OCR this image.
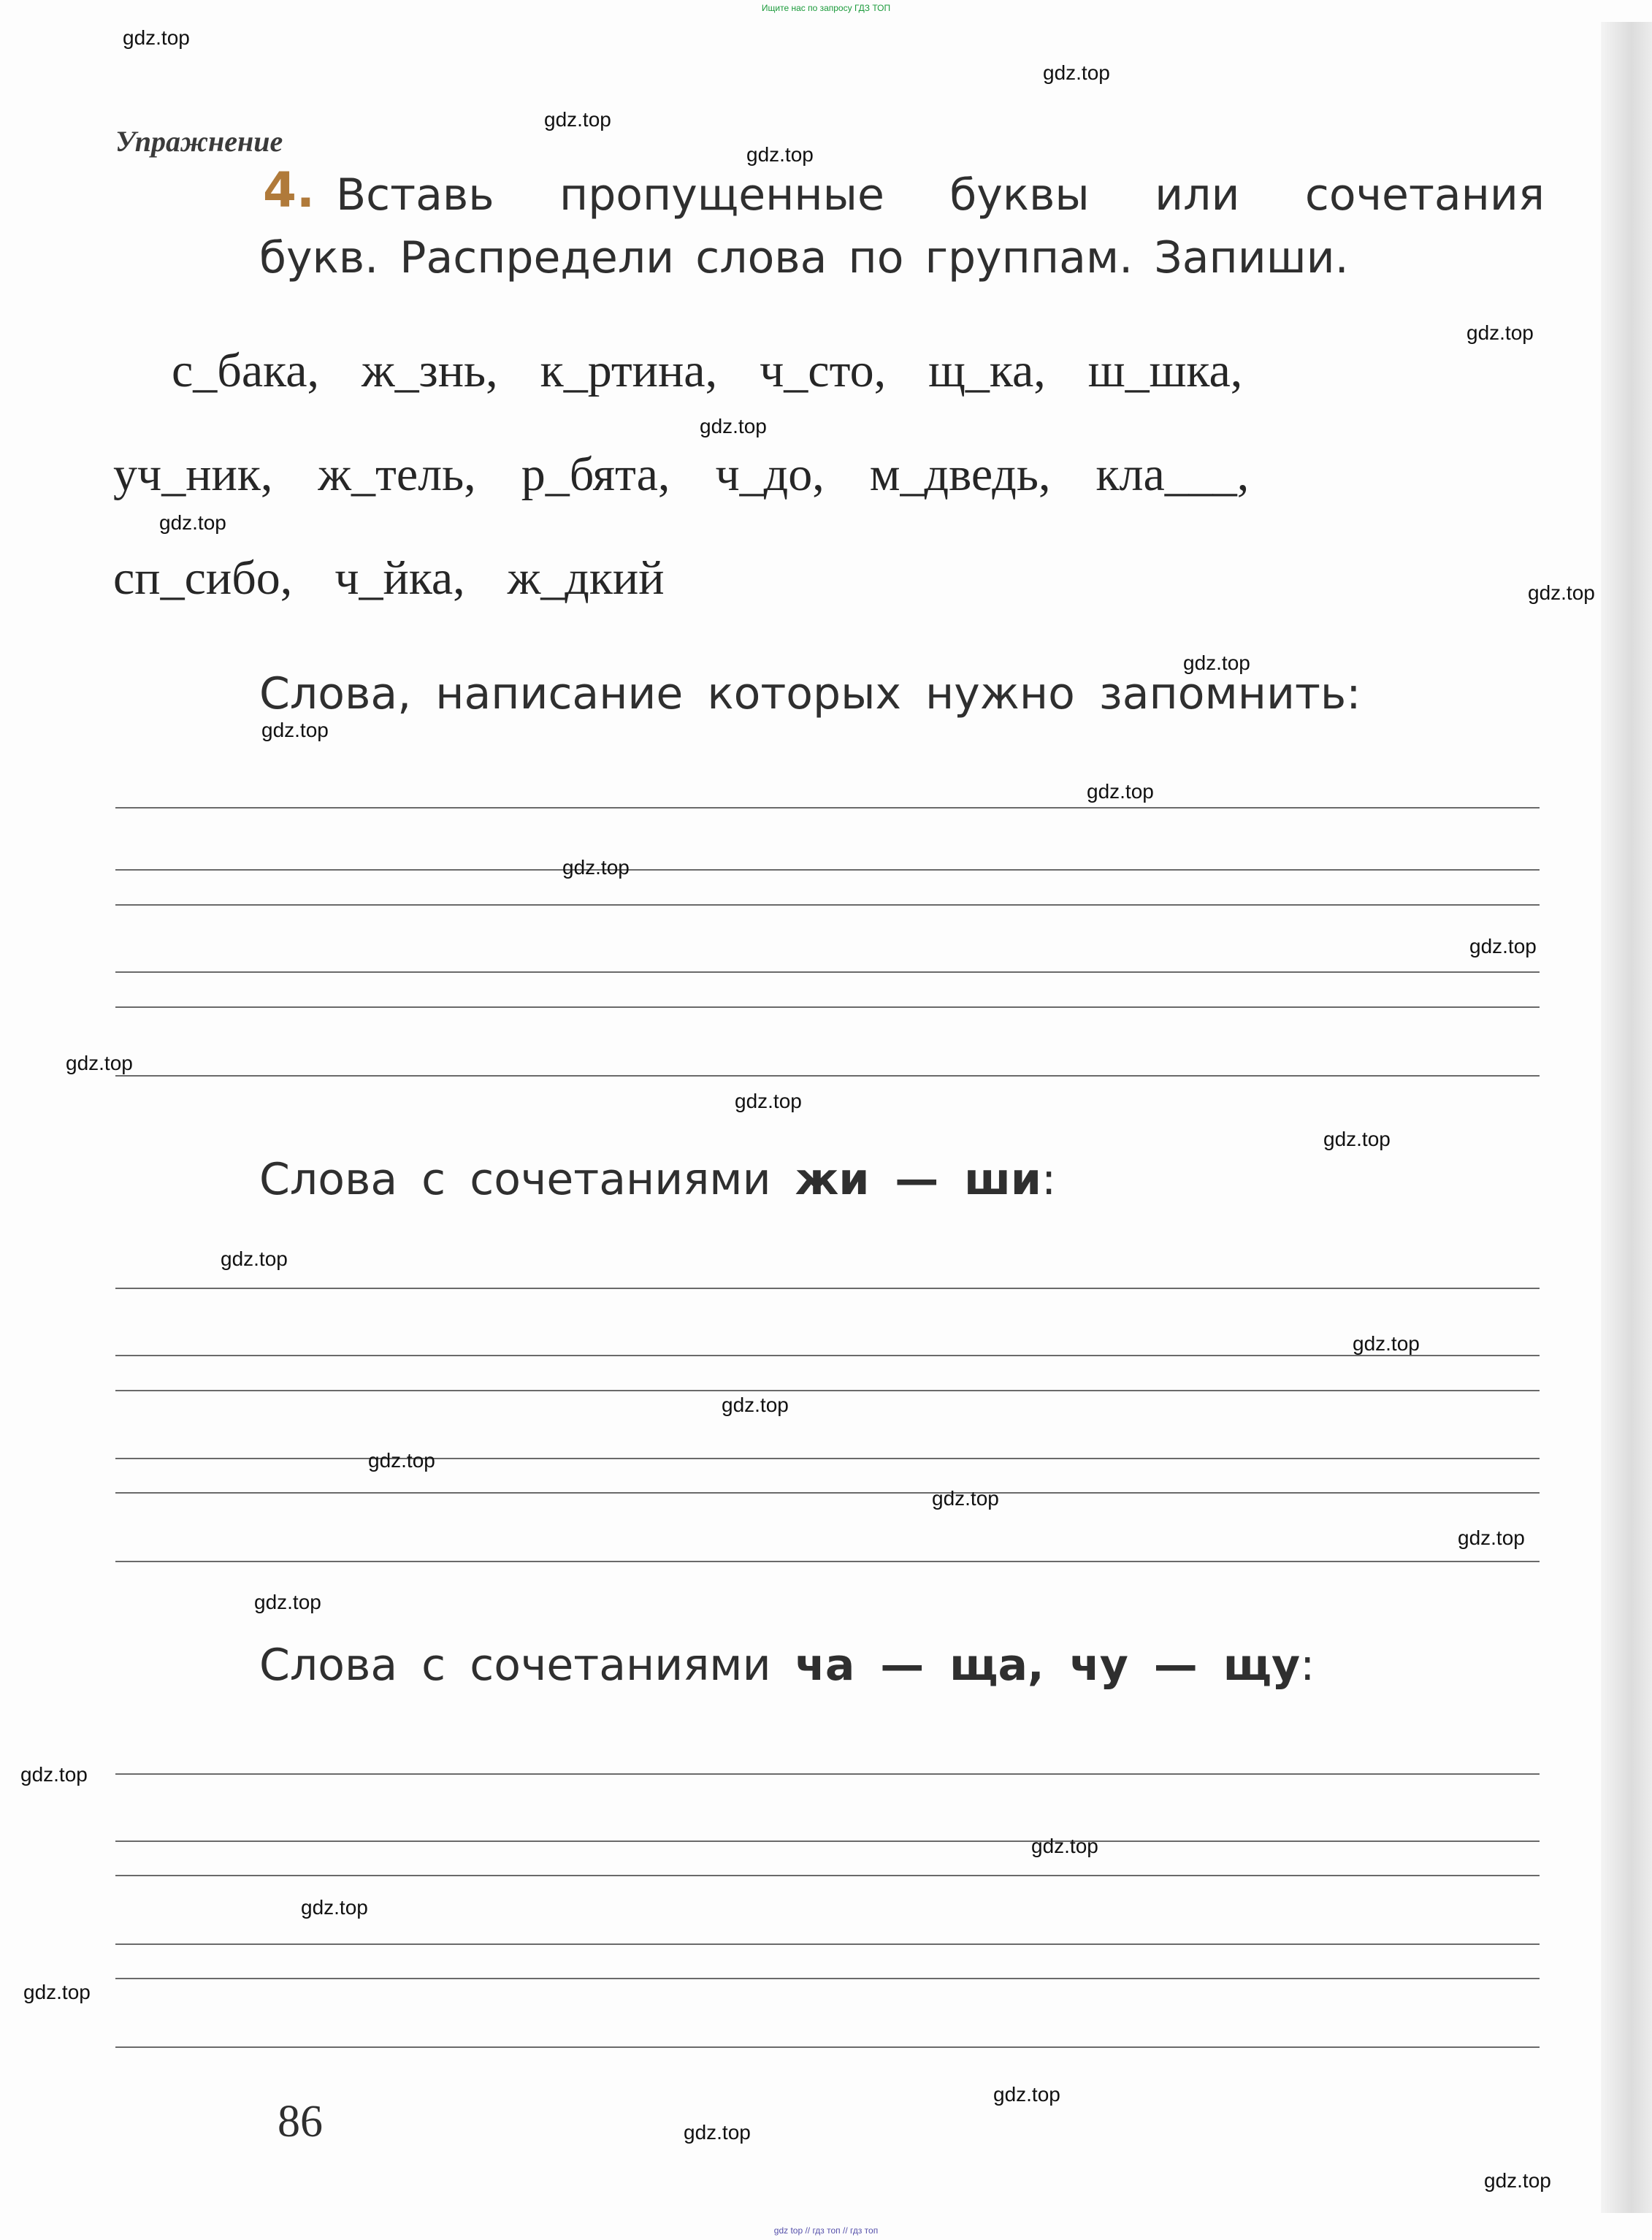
Ищите нас по запросу ГДЗ ТОП
Упражнение
4. Вставь пропущенные буквы или сочетания
букв. Распредели слова по группам. Запиши.
с_бака, ж_знь, к_ртина, ч_сто, щ_ка, ш_шка,
уч_ник, ж_тель, р_бята, ч_до, м_дведь, кла___,
сп_сибо, ч_йка, ж_дкий
Слова, написание которых нужно запомнить:
Слова с сочетаниями жи — ши:
Слова с сочетаниями ча — ща, чу — щу:
86
gdz.top
gdz.top
gdz.top
gdz.top
gdz.top
gdz.top
gdz.top
gdz.top
gdz.top
gdz.top
gdz.top
gdz.top
gdz.top
gdz.top
gdz.top
gdz.top
gdz.top
gdz.top
gdz.top
gdz.top
gdz.top
gdz.top
gdz.top
gdz.top
gdz.top
gdz.top
gdz.top
gdz.top
gdz.top
gdz.top
gdz top // гдз топ // гдз топ
